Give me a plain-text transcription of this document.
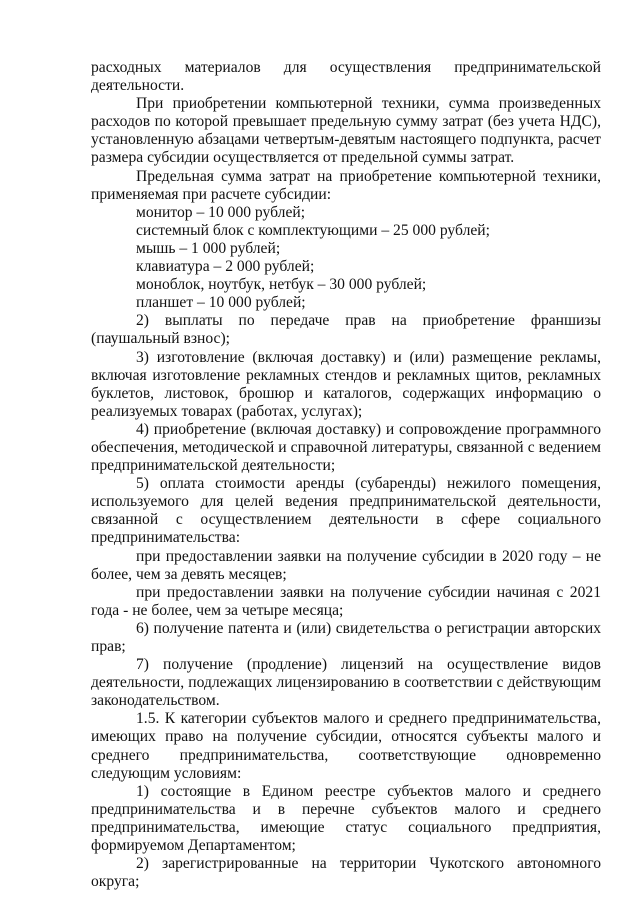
расходных материалов для осуществления предпринимательской деятельности.

При приобретении компьютерной техники, сумма произведенных расходов по которой превышает предельную сумму затрат (без учета НДС), установленную абзацами четвертым-девятым настоящего подпункта, расчет размера субсидии осуществляется от предельной суммы затрат.

Предельная сумма затрат на приобретение компьютерной техники, применяемая при расчете субсидии:

монитор – 10 000 рублей;

системный блок с комплектующими – 25 000 рублей;

мышь – 1 000 рублей;

клавиатура – 2 000 рублей;

моноблок, ноутбук, нетбук – 30 000 рублей;

планшет – 10 000 рублей;

2) выплаты по передаче прав на приобретение франшизы (паушальный взнос);

3) изготовление (включая доставку) и (или) размещение рекламы, включая изготовление рекламных стендов и рекламных щитов, рекламных буклетов, листовок, брошюр и каталогов, содержащих информацию о реализуемых товарах (работах, услугах);

4) приобретение (включая доставку) и сопровождение программного обеспечения, методической и справочной литературы, связанной с ведением предпринимательской деятельности;

5) оплата стоимости аренды (субаренды) нежилого помещения, используемого для целей ведения предпринимательской деятельности, связанной с осуществлением деятельности в сфере социального предпринимательства:

при предоставлении заявки на получение субсидии в 2020 году – не более, чем за девять месяцев;

при предоставлении заявки на получение субсидии начиная с 2021 года - не более, чем за четыре месяца;

6) получение патента и (или) свидетельства о регистрации авторских прав;

7) получение (продление) лицензий на осуществление видов деятельности, подлежащих лицензированию в соответствии с действующим законодательством.

1.5. К категории субъектов малого и среднего предпринимательства, имеющих право на получение субсидии, относятся субъекты малого и среднего предпринимательства, соответствующие одновременно следующим условиям:

1) состоящие в Едином реестре субъектов малого и среднего предпринимательства и в перечне субъектов малого и среднего предпринимательства, имеющие статус социального предприятия, формируемом Департаментом;

2) зарегистрированные на территории Чукотского автономного округа;
